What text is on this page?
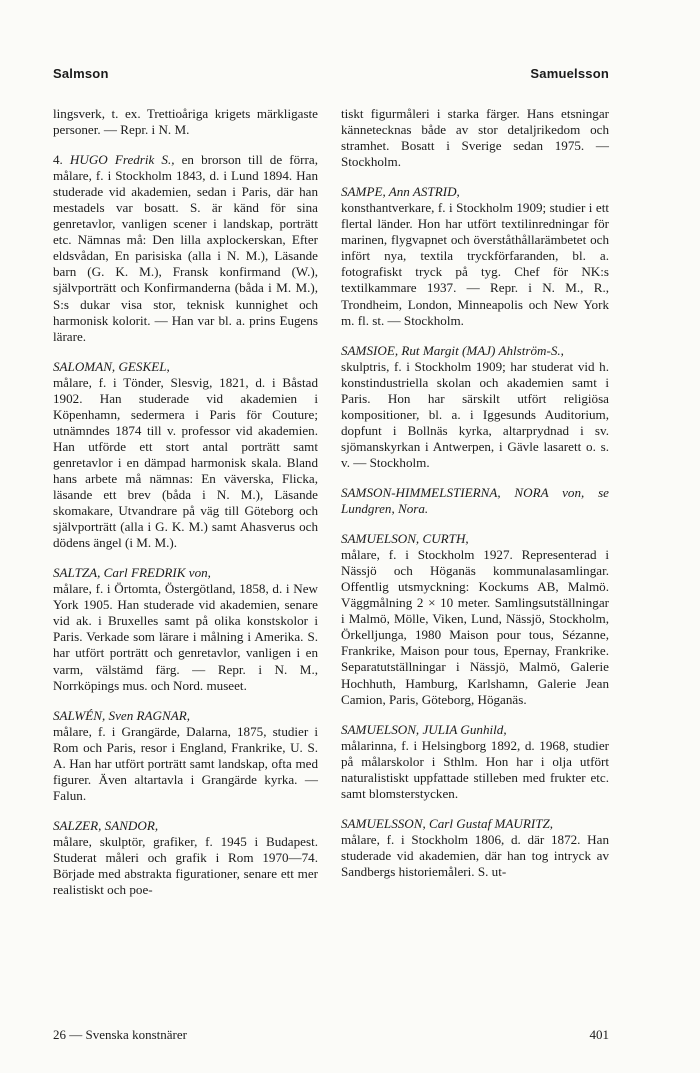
Salmson	Samuelsson

lingsverk, t. ex. Trettioåriga krigets märkligaste personer. — Repr. i N. M.

4. HUGO Fredrik S., en brorson till de förra, målare, f. i Stockholm 1843, d. i Lund 1894. Han studerade vid akademien, sedan i Paris, där han mestadels var bosatt. S. är känd för sina genretavlor, vanligen scener i landskap, porträtt etc. Nämnas må: Den lilla axplockerskan, Efter eldsvådan, En parisiska (alla i N. M.), Läsande barn (G. K. M.), Fransk konfirmand (W.), självporträtt och Konfirmanderna (båda i M. M.), S:s dukar visa stor, teknisk kunnighet och harmonisk kolorit. — Han var bl. a. prins Eugens lärare.

SALOMAN, GESKEL,

målare, f. i Tönder, Slesvig, 1821, d. i Båstad 1902. Han studerade vid akademien i Köpenhamn, sedermera i Paris för Couture; utnämndes 1874 till v. professor vid akademien. Han utförde ett stort antal porträtt samt genretavlor i en dämpad harmonisk skala. Bland hans arbete må nämnas: En väverska, Flicka, läsande ett brev (båda i N. M.), Läsande skomakare, Utvandrare på väg till Göteborg och självporträtt (alla i G. K. M.) samt Ahasverus och dödens ängel (i M. M.).

SALTZA, Carl FREDRIK von,

målare, f. i Örtomta, Östergötland, 1858, d. i New York 1905. Han studerade vid akademien, senare vid ak. i Bruxelles samt på olika konstskolor i Paris. Verkade som lärare i målning i Amerika. S. har utfört porträtt och genretavlor, vanligen i en varm, välstämd färg. — Repr. i N. M., Norrköpings mus. och Nord. museet.

SALWÉN, Sven RAGNAR,

målare, f. i Grangärde, Dalarna, 1875, studier i Rom och Paris, resor i England, Frankrike, U. S. A. Han har utfört porträtt samt landskap, ofta med figurer. Även altartavla i Grangärde kyrka. — Falun.

SALZER, SANDOR,

målare, skulptör, grafiker, f. 1945 i Budapest. Studerat måleri och grafik i Rom 1970—74. Började med abstrakta figurationer, senare ett mer realistiskt och poe-

tiskt figurmåleri i starka färger. Hans etsningar kännetecknas både av stor detaljrikedom och stramhet. Bosatt i Sverige sedan 1975. — Stockholm.

SAMPE, Ann ASTRID,

konsthantverkare, f. i Stockholm 1909; studier i ett flertal länder. Hon har utfört textilinredningar för marinen, flygvapnet och överståthållarämbetet och infört nya, textila tryckförfaranden, bl. a. fotografiskt tryck på tyg. Chef för NK:s textilkammare 1937. — Repr. i N. M., R., Trondheim, London, Minneapolis och New York m. fl. st. — Stockholm.

SAMSIOE, Rut Margit (MAJ) Ahlström-S.,

skulptris, f. i Stockholm 1909; har studerat vid h. konstindustriella skolan och akademien samt i Paris. Hon har särskilt utfört religiösa kompositioner, bl. a. i Iggesunds Auditorium, dopfunt i Bollnäs kyrka, altarprydnad i sv. sjömanskyrkan i Antwerpen, i Gävle lasarett o. s. v. — Stockholm.

SAMSON-HIMMELSTIERNA, NORA von, se Lundgren, Nora.

SAMUELSON, CURTH,

målare, f. i Stockholm 1927. Representerad i Nässjö och Höganäs kommunalasamlingar. Offentlig utsmyckning: Kockums AB, Malmö. Väggmålning 2 × 10 meter. Samlingsutställningar i Malmö, Mölle, Viken, Lund, Nässjö, Stockholm, Örkelljunga, 1980 Maison pour tous, Sézanne, Frankrike, Maison pour tous, Epernay, Frankrike. Separatutställningar i Nässjö, Malmö, Galerie Hochhuth, Hamburg, Karlshamn, Galerie Jean Camion, Paris, Göteborg, Höganäs.

SAMUELSON, JULIA Gunhild,

målarinna, f. i Helsingborg 1892, d. 1968, studier på målarskolor i Sthlm. Hon har i olja utfört naturalistiskt uppfattade stilleben med frukter etc. samt blomsterstycken.

SAMUELSSON, Carl Gustaf MAURITZ,

målare, f. i Stockholm 1806, d. där 1872. Han studerade vid akademien, där han tog intryck av Sandbergs historiemåleri. S. ut-

26 — Svenska konstnärer	401
